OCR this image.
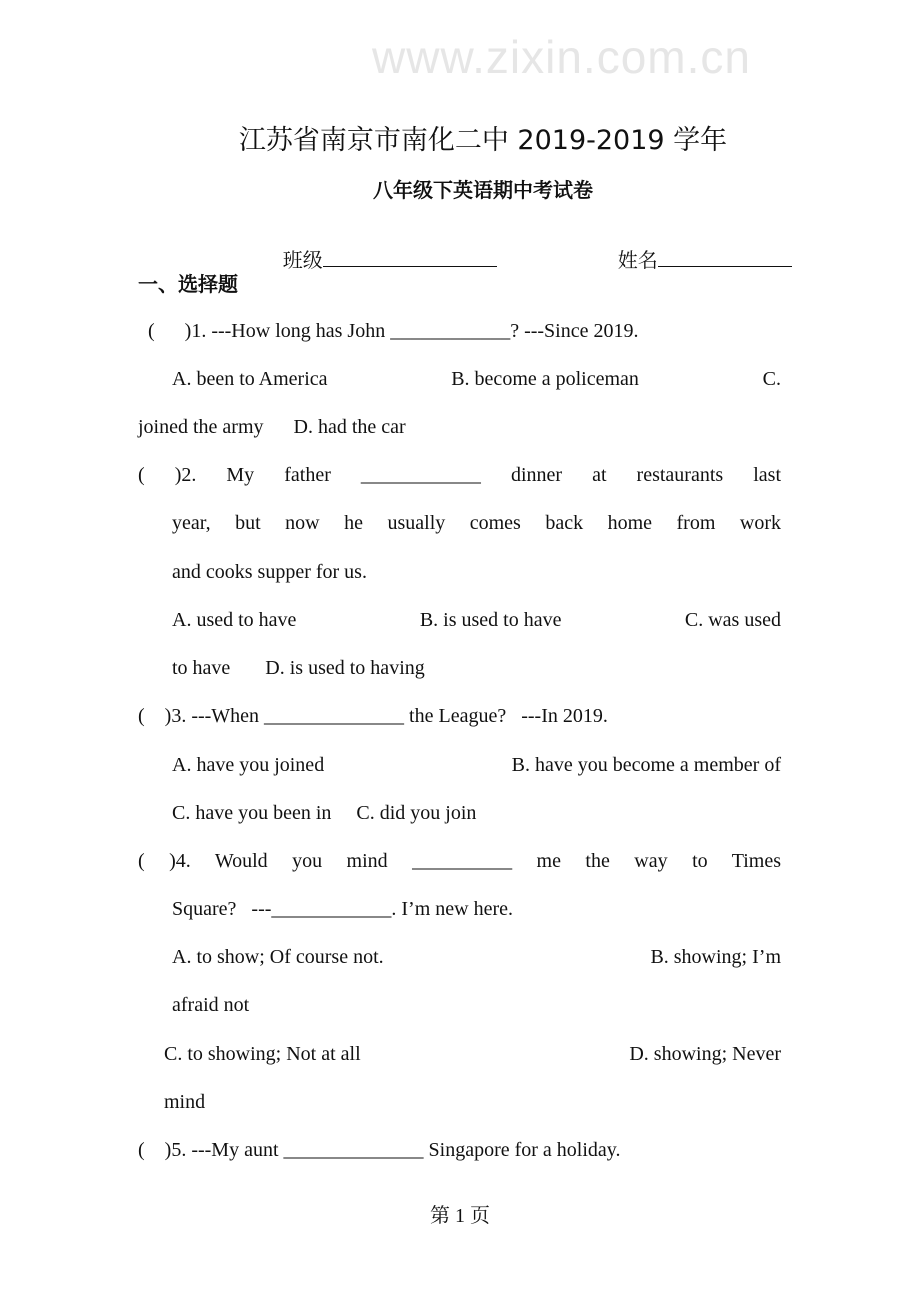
www.zixin.com.cn
江苏省南京市南化二中 2019-2019 学年
八年级下英语期中考试卷

班级	姓名

一、选择题
(      )1. ---How long has John ____________? ---Since 2019.
A. been to America	B. become a policeman	C.
joined the army      D. had the car
( )2. My father ____________ dinner at restaurants last
year, but now he usually comes back home from work
and cooks supper for us.
A. used to have	B. is used to have	C. was used
to have       D. is used to having
(    )3. ---When ______________ the League?   ---In 2019.
A. have you joined	B. have you become a member of
C. have you been in     C. did you join
( )4. Would you mind __________ me the way to Times
Square?   ---____________. I’m new here.
A. to show; Of course not.	B. showing; I’m
afraid not
C. to showing; Not at all	D. showing; Never
mind
(    )5. ---My aunt ______________ Singapore for a holiday.
第 1 页
